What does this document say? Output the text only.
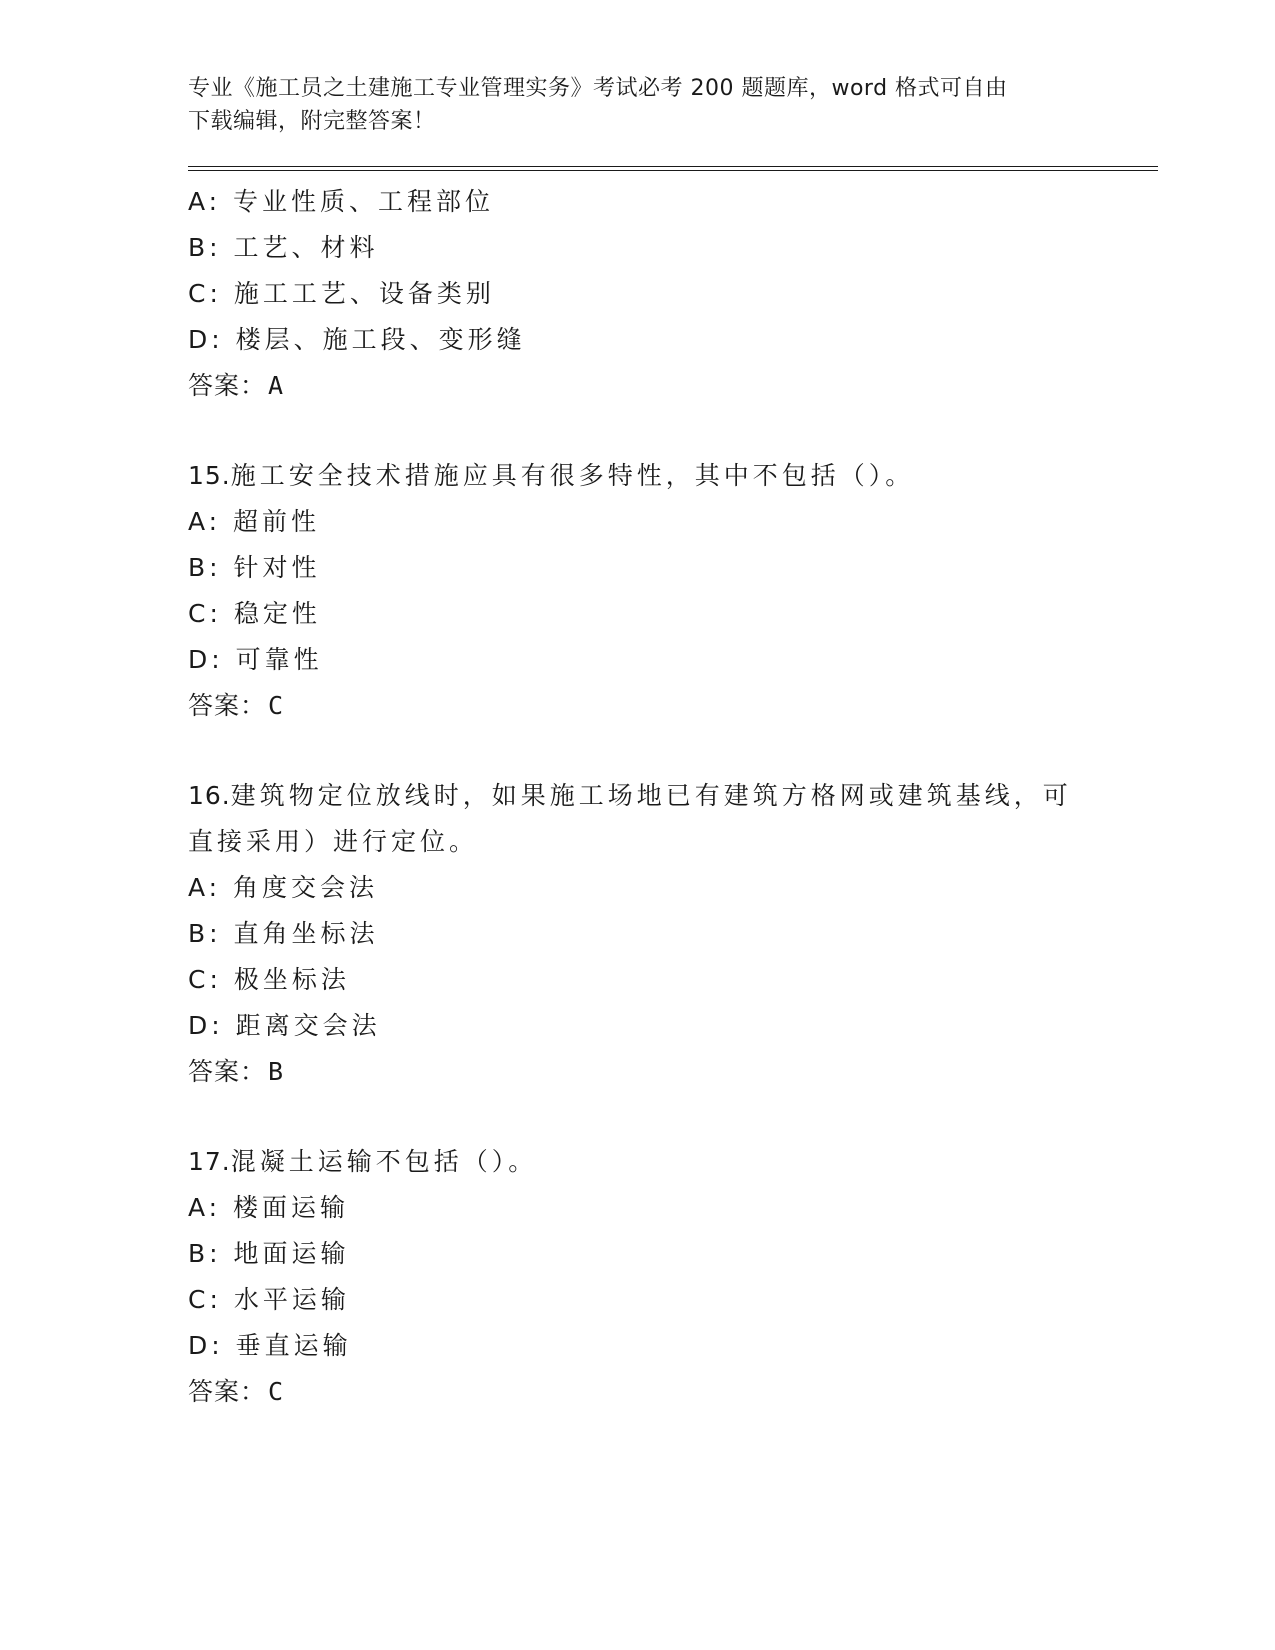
专业《施工员之土建施工专业管理实务》考试必考 200 题题库，word 格式可自由
下载编辑，附完整答案！
A: 专业性质、工程部位
B: 工艺、材料
C: 施工工艺、设备类别
D: 楼层、施工段、变形缝
答案：A
15.施工安全技术措施应具有很多特性，其中不包括（）。
A: 超前性
B: 针对性
C: 稳定性
D: 可靠性
答案：C
16.建筑物定位放线时，如果施工场地已有建筑方格网或建筑基线，可直接采用）进行定位。
A: 角度交会法
B: 直角坐标法
C: 极坐标法
D: 距离交会法
答案：B
17.混凝土运输不包括（）。
A: 楼面运输
B: 地面运输
C: 水平运输
D: 垂直运输
答案：C
